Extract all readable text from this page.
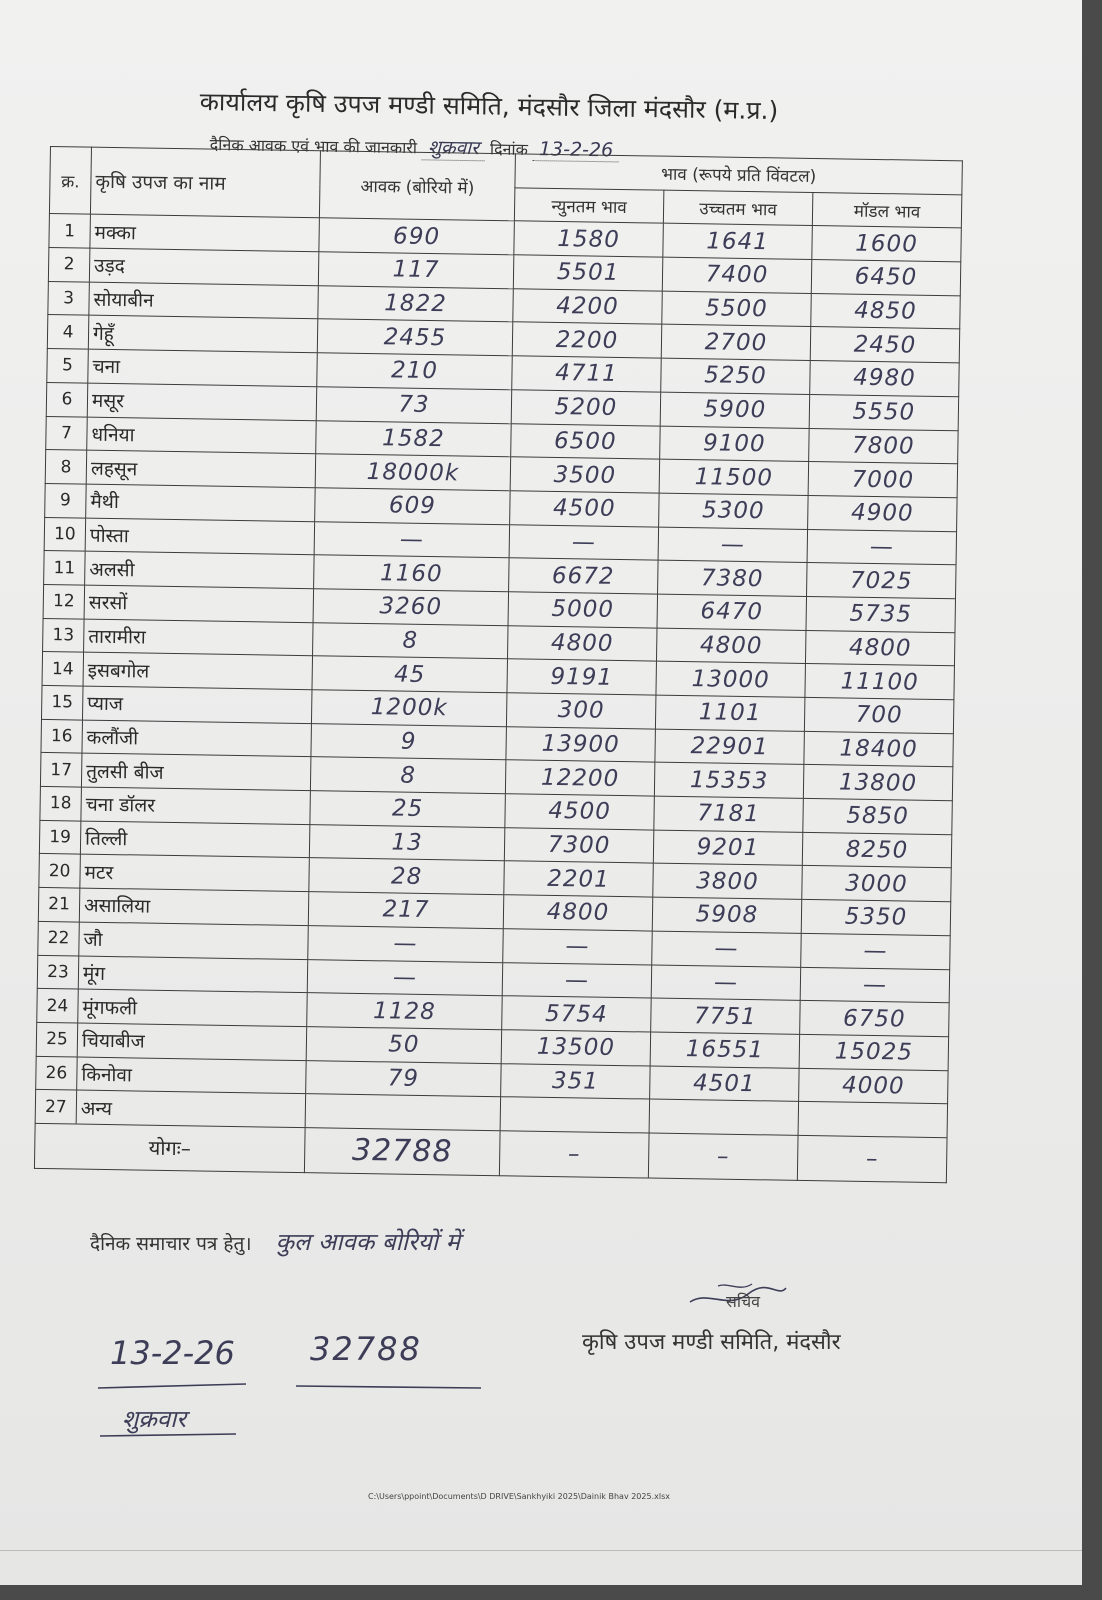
कार्यालय कृषि उपज मण्डी समिति, मंदसौर जिला मंदसौर (म.प्र.)
दैनिक आवक एवं भाव की जानकारी शुक्रवार दिनांक 13-2-26
क्र.	कृषि उपज का नाम	आवक (बोरियो में)	भाव (रूपये प्रति विंवटल)		
			न्युनतम भाव	उच्चतम भाव	मॉडल भाव
1	मक्का	690	1580	1641	1600
2	उड़द	117	5501	7400	6450
3	सोयाबीन	1822	4200	5500	4850
4	गेहूँ	2455	2200	2700	2450
5	चना	210	4711	5250	4980
6	मसूर	73	5200	5900	5550
7	धनिया	1582	6500	9100	7800
8	लहसून	18000k	3500	11500	7000
9	मैथी	609	4500	5300	4900
10	पोस्ता	—	—	—	—
11	अलसी	1160	6672	7380	7025
12	सरसों	3260	5000	6470	5735
13	तारामीरा	8	4800	4800	4800
14	इसबगोल	45	9191	13000	11100
15	प्याज	1200k	300	1101	700
16	कलौंजी	9	13900	22901	18400
17	तुलसी बीज	8	12200	15353	13800
18	चना डॉलर	25	4500	7181	5850
19	तिल्ली	13	7300	9201	8250
20	मटर	28	2201	3800	3000
21	असालिया	217	4800	5908	5350
22	जौ	—	—	—	—
23	मूंग	—	—	—	—
24	मूंगफली	1128	5754	7751	6750
25	चियाबीज	50	13500	16551	15025
26	किनोवा	79	351	4501	4000
27	अन्य				
योगः–		32788	–	–	–
दैनिक समाचार पत्र हेतु। कुल आवक बोरियों में
सचिव
कृषि उपज मण्डी समिति, मंदसौर
13-2-26 32788
शुक्रवार
C:\Users\ppoint\Documents\D DRIVE\Sankhyiki 2025\Dainik Bhav 2025.xlsx
